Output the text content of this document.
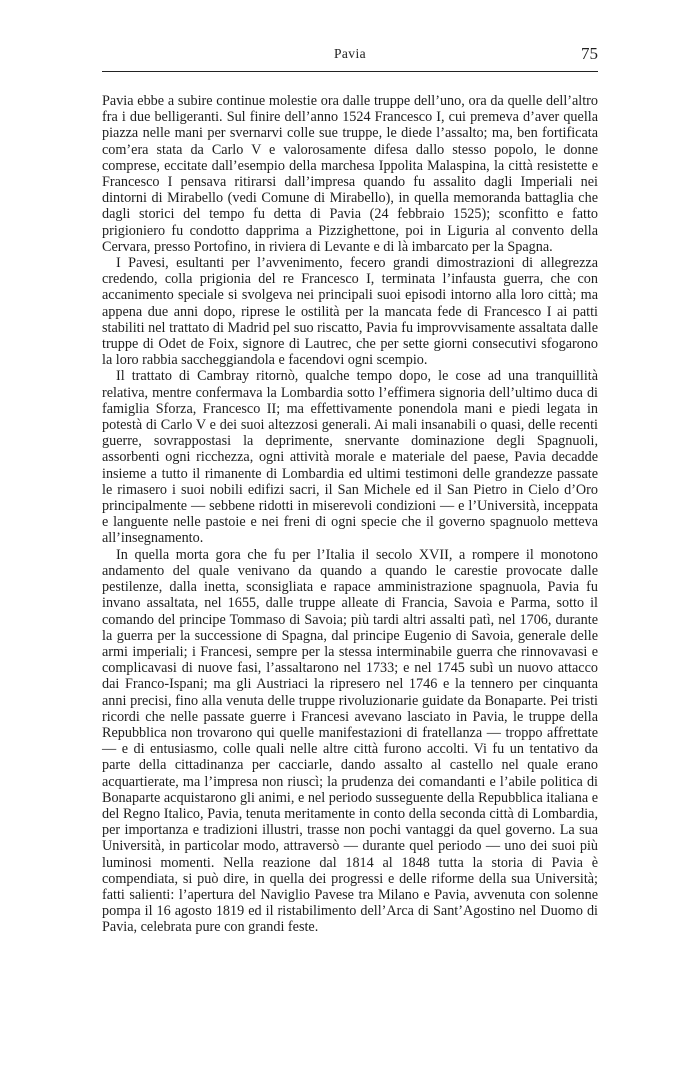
Pavia	75

Pavia ebbe a subire continue molestie ora dalle truppe dell’uno, ora da quelle dell’altro fra i due belligeranti. Sul finire dell’anno 1524 Francesco I, cui premeva d’aver quella piazza nelle mani per svernarvi colle sue truppe, le diede l’assalto; ma, ben fortificata com’era stata da Carlo V e valorosamente difesa dallo stesso popolo, le donne comprese, eccitate dall’esempio della marchesa Ippolita Malaspina, la città resistette e Francesco I pensava ritirarsi dall’impresa quando fu assalito dagli Imperiali nei dintorni di Mirabello (vedi Comune di Mirabello), in quella memoranda battaglia che dagli storici del tempo fu detta di Pavia (24 febbraio 1525); sconfitto e fatto prigioniero fu condotto dapprima a Pizzighettone, poi in Liguria al convento della Cervara, presso Portofino, in riviera di Levante e di là imbarcato per la Spagna.

I Pavesi, esultanti per l’avvenimento, fecero grandi dimostrazioni di allegrezza credendo, colla prigionia del re Francesco I, terminata l’infausta guerra, che con accanimento speciale si svolgeva nei principali suoi episodi intorno alla loro città; ma appena due anni dopo, riprese le ostilità per la mancata fede di Francesco I ai patti stabiliti nel trattato di Madrid pel suo riscatto, Pavia fu improvvisamente assaltata dalle truppe di Odet de Foix, signore di Lautrec, che per sette giorni consecutivi sfogarono la loro rabbia saccheggiandola e facendovi ogni scempio.

Il trattato di Cambray ritornò, qualche tempo dopo, le cose ad una tranquillità relativa, mentre confermava la Lombardia sotto l’effimera signoria dell’ultimo duca di famiglia Sforza, Francesco II; ma effettivamente ponendola mani e piedi legata in potestà di Carlo V e dei suoi altezzosi generali. Ai mali insanabili o quasi, delle recenti guerre, sovrappostasi la deprimente, snervante dominazione degli Spagnuoli, assorbenti ogni ricchezza, ogni attività morale e materiale del paese, Pavia decadde insieme a tutto il rimanente di Lombardia ed ultimi testimoni delle grandezze passate le rimasero i suoi nobili edifizi sacri, il San Michele ed il San Pietro in Cielo d’Oro principalmente — sebbene ridotti in miserevoli condizioni — e l’Università, inceppata e languente nelle pastoie e nei freni di ogni specie che il governo spagnuolo metteva all’insegnamento.

In quella morta gora che fu per l’Italia il secolo XVII, a rompere il monotono andamento del quale venivano da quando a quando le carestie provocate dalle pestilenze, dalla inetta, sconsigliata e rapace amministrazione spagnuola, Pavia fu invano assaltata, nel 1655, dalle truppe alleate di Francia, Savoia e Parma, sotto il comando del principe Tommaso di Savoia; più tardi altri assalti patì, nel 1706, durante la guerra per la successione di Spagna, dal principe Eugenio di Savoia, generale delle armi imperiali; i Francesi, sempre per la stessa interminabile guerra che rinnovavasi e complicavasi di nuove fasi, l’assaltarono nel 1733; e nel 1745 subì un nuovo attacco dai Franco-Ispani; ma gli Austriaci la ripresero nel 1746 e la tennero per cinquanta anni precisi, fino alla venuta delle truppe rivoluzionarie guidate da Bonaparte. Pei tristi ricordi che nelle passate guerre i Francesi avevano lasciato in Pavia, le truppe della Repubblica non trovarono qui quelle manifestazioni di fratellanza — troppo affrettate — e di entusiasmo, colle quali nelle altre città furono accolti. Vi fu un tentativo da parte della cittadinanza per cacciarle, dando assalto al castello nel quale erano acquartierate, ma l’impresa non riuscì; la prudenza dei comandanti e l’abile politica di Bonaparte acquistarono gli animi, e nel periodo susseguente della Repubblica italiana e del Regno Italico, Pavia, tenuta meritamente in conto della seconda città di Lombardia, per importanza e tradizioni illustri, trasse non pochi vantaggi da quel governo. La sua Università, in particolar modo, attraversò — durante quel periodo — uno dei suoi più luminosi momenti. Nella reazione dal 1814 al 1848 tutta la storia di Pavia è compendiata, si può dire, in quella dei progressi e delle riforme della sua Università; fatti salienti: l’apertura del Naviglio Pavese tra Milano e Pavia, avvenuta con solenne pompa il 16 agosto 1819 ed il ristabilimento dell’Arca di Sant’Agostino nel Duomo di Pavia, celebrata pure con grandi feste.
